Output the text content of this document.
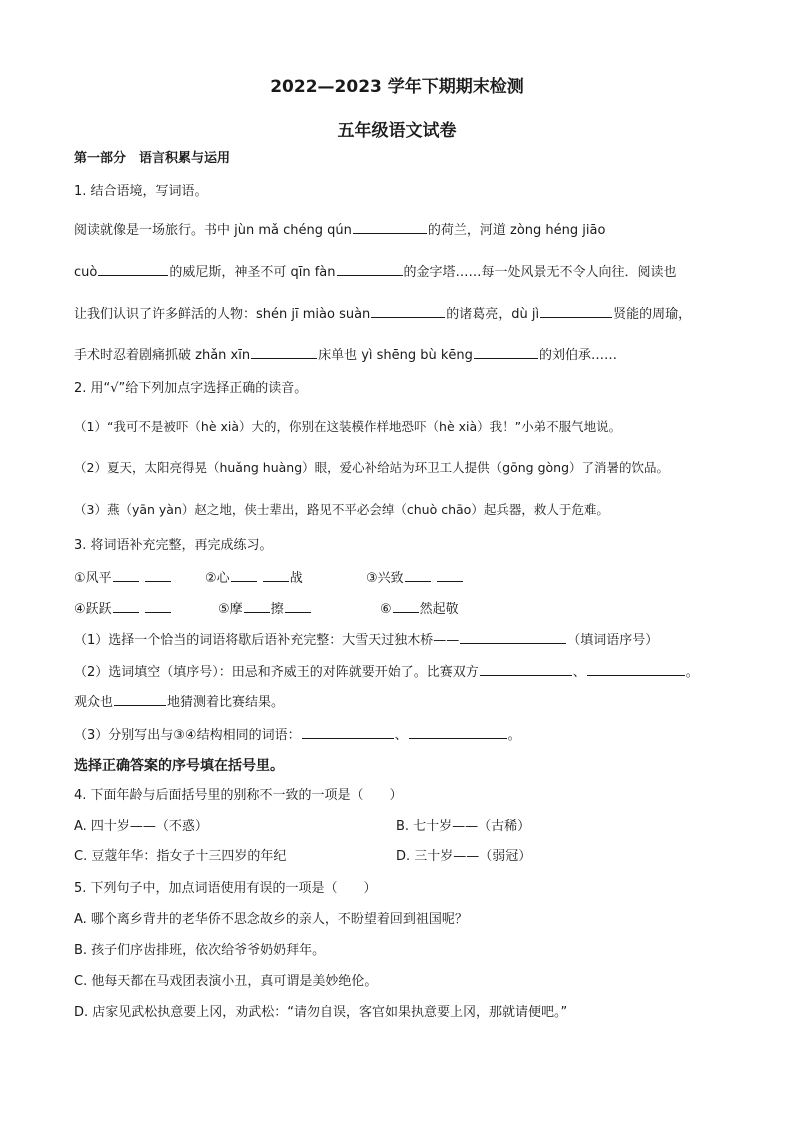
2022—2023 学年下期期末检测
五年级语文试卷
第一部分　语言积累与运用
1. 结合语境，写词语。
阅读就像是一场旅行。书中 jùn mǎ chéng qún	的荷兰，河道 zòng héng jiāo
cuò	的威尼斯，神圣不可 qīn fàn	的金字塔……每一处风景无不令人向往．阅读也
让我们认识了许多鲜活的人物：shén jī miào suàn	的诸葛亮，dù jì	贤能的周瑜，
手术时忍着剧痛抓破 zhǎn xīn	床单也 yì shēng bù kēng	的刘伯承……
2. 用“√”给下列加点字选择正确的读音。
（1）“我可不是被吓（hè xià）大的，你别在这装模作样地恐吓（hè xià）我！”小弟不服气地说。
（2）夏天，太阳亮得晃（huǎng huàng）眼，爱心补给站为环卫工人提供（gōng gòng）了消暑的饮品。
（3）燕（yān yàn）赵之地，侠士辈出，路见不平必会绰（chuò chāo）起兵器，救人于危难。
3. 将词语补充完整，再完成练习。
①风平	②心	战	③兴致
④跃跃	⑤摩 擦	⑥ 然起敬
（1）选择一个恰当的词语将歇后语补充完整：大雪天过独木桥——	（填词语序号）
（2）选词填空（填序号）：田忌和齐威王的对阵就要开始了。比赛双方	、	。
观众也	地猜测着比赛结果。
（3）分别写出与③④结构相同的词语：	、	。
选择正确答案的序号填在括号里。
4. 下面年龄与后面括号里的别称不一致的一项是（　　）
A. 四十岁——（不惑）	B. 七十岁——（古稀）
C. 豆蔻年华：指女子十三四岁的年纪	D. 三十岁——（弱冠）
5. 下列句子中，加点词语使用有误的一项是（　　）
A. 哪个离乡背井的老华侨不思念故乡的亲人，不盼望着回到祖国呢？
B. 孩子们序齿排班，依次给爷爷奶奶拜年。
C. 他每天都在马戏团表演小丑，真可谓是美妙绝伦。
D. 店家见武松执意要上冈，劝武松：“请勿自误，客官如果执意要上冈，那就请便吧。”
